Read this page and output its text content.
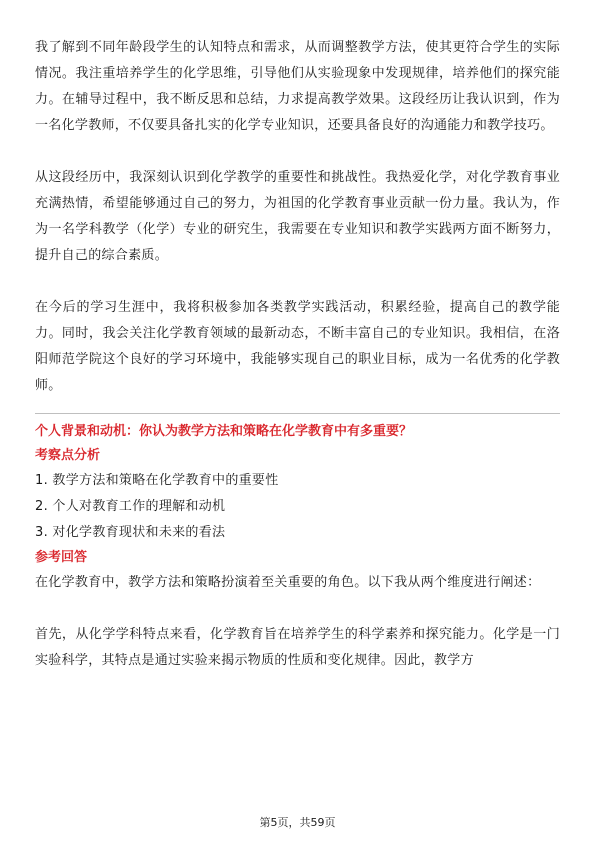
我了解到不同年龄段学生的认知特点和需求，从而调整教学方法，使其更符合学生的实际情况。我注重培养学生的化学思维，引导他们从实验现象中发现规律，培养他们的探究能力。在辅导过程中，我不断反思和总结，力求提高教学效果。这段经历让我认识到，作为一名化学教师，不仅要具备扎实的化学专业知识，还要具备良好的沟通能力和教学技巧。

从这段经历中，我深刻认识到化学教学的重要性和挑战性。我热爱化学，对化学教育事业充满热情，希望能够通过自己的努力，为祖国的化学教育事业贡献一份力量。我认为，作为一名学科教学（化学）专业的研究生，我需要在专业知识和教学实践两方面不断努力，提升自己的综合素质。

在今后的学习生涯中，我将积极参加各类教学实践活动，积累经验，提高自己的教学能力。同时，我会关注化学教育领域的最新动态，不断丰富自己的专业知识。我相信，在洛阳师范学院这个良好的学习环境中，我能够实现自己的职业目标，成为一名优秀的化学教师。

个人背景和动机：你认为教学方法和策略在化学教育中有多重要？

考察点分析

1. 教学方法和策略在化学教育中的重要性
2. 个人对教育工作的理解和动机
3. 对化学教育现状和未来的看法

参考回答

在化学教育中，教学方法和策略扮演着至关重要的角色。以下我从两个维度进行阐述：

首先，从化学学科特点来看，化学教育旨在培养学生的科学素养和探究能力。化学是一门实验科学，其特点是通过实验来揭示物质的性质和变化规律。因此，教学方

第5页，共59页
